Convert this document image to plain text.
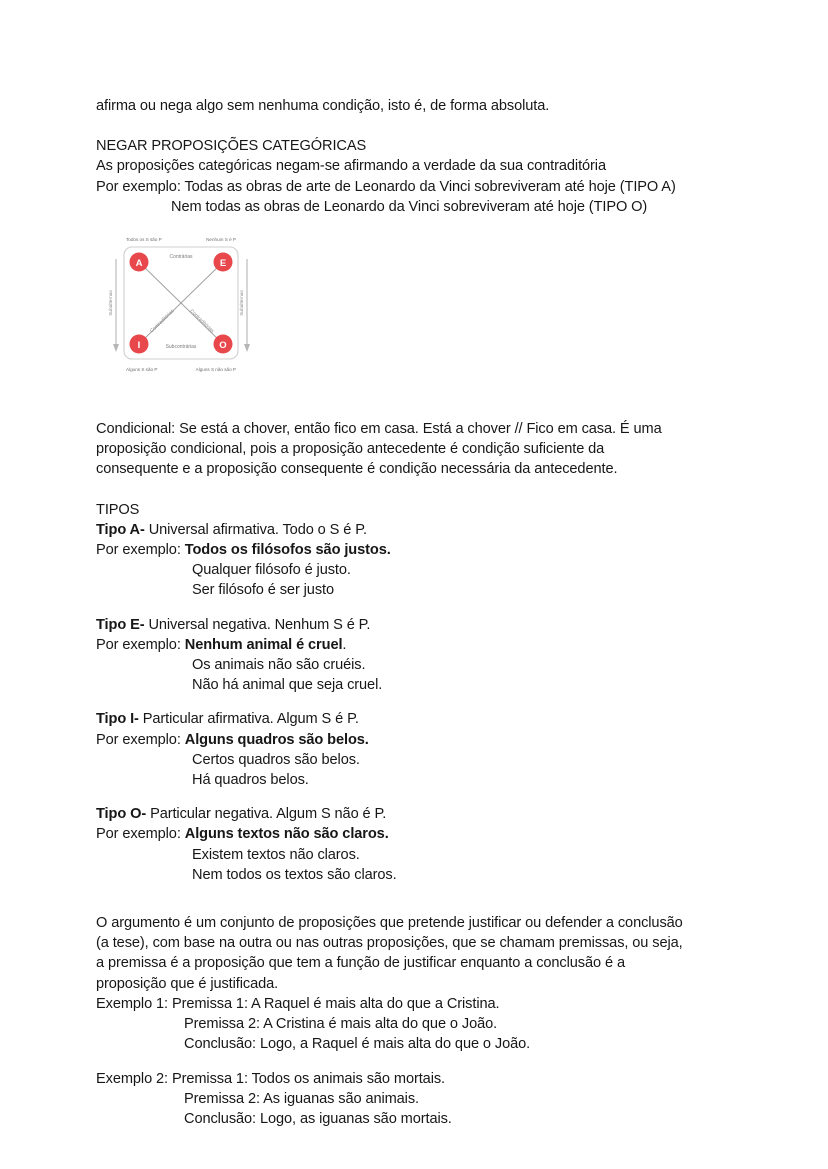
afirma ou nega algo sem nenhuma condição, isto é, de forma absoluta.

NEGAR PROPOSIÇÕES CATEGÓRICAS

As proposições categóricas negam-se afirmando a verdade da sua contraditória

Por exemplo: Todas as obras de arte de Leonardo da Vinci sobreviveram até hoje (TIPO A)

Nem todas as obras de Leonardo da Vinci sobreviveram até hoje (TIPO O)

A	E
I	O
Todos os S são P	Nenhum S é P
Alguns S são P	Alguns S não são P
Contrárias
Subcontrárias
Subalternas	Subalternas
Contraditórias	Contraditórias

Condicional: Se está a chover, então fico em casa. Está a chover // Fico em casa. É uma

proposição condicional, pois a proposição antecedente é condição suficiente da

consequente e a proposição consequente é condição necessária da antecedente.

TIPOS

Tipo A- Universal afirmativa. Todo o S é P.

Por exemplo: Todos os filósofos são justos.

Qualquer filósofo é justo.

Ser filósofo é ser justo

Tipo E- Universal negativa. Nenhum S é P.

Por exemplo: Nenhum animal é cruel.

Os animais não são cruéis.

Não há animal que seja cruel.

Tipo I- Particular afirmativa. Algum S é P.

Por exemplo: Alguns quadros são belos.

Certos quadros são belos.

Há quadros belos.

Tipo O- Particular negativa. Algum S não é P.

Por exemplo: Alguns textos não são claros.

Existem textos não claros.

Nem todos os textos são claros.

O argumento é um conjunto de proposições que pretende justificar ou defender a conclusão

(a tese), com base na outra ou nas outras proposições, que se chamam premissas, ou seja,

a premissa é a proposição que tem a função de justificar enquanto a conclusão é a

proposição que é justificada.

Exemplo 1: Premissa 1: A Raquel é mais alta do que a Cristina.

Premissa 2: A Cristina é mais alta do que o João.

Conclusão: Logo, a Raquel é mais alta do que o João.

Exemplo 2: Premissa 1: Todos os animais são mortais.

Premissa 2: As iguanas são animais.

Conclusão: Logo, as iguanas são mortais.
